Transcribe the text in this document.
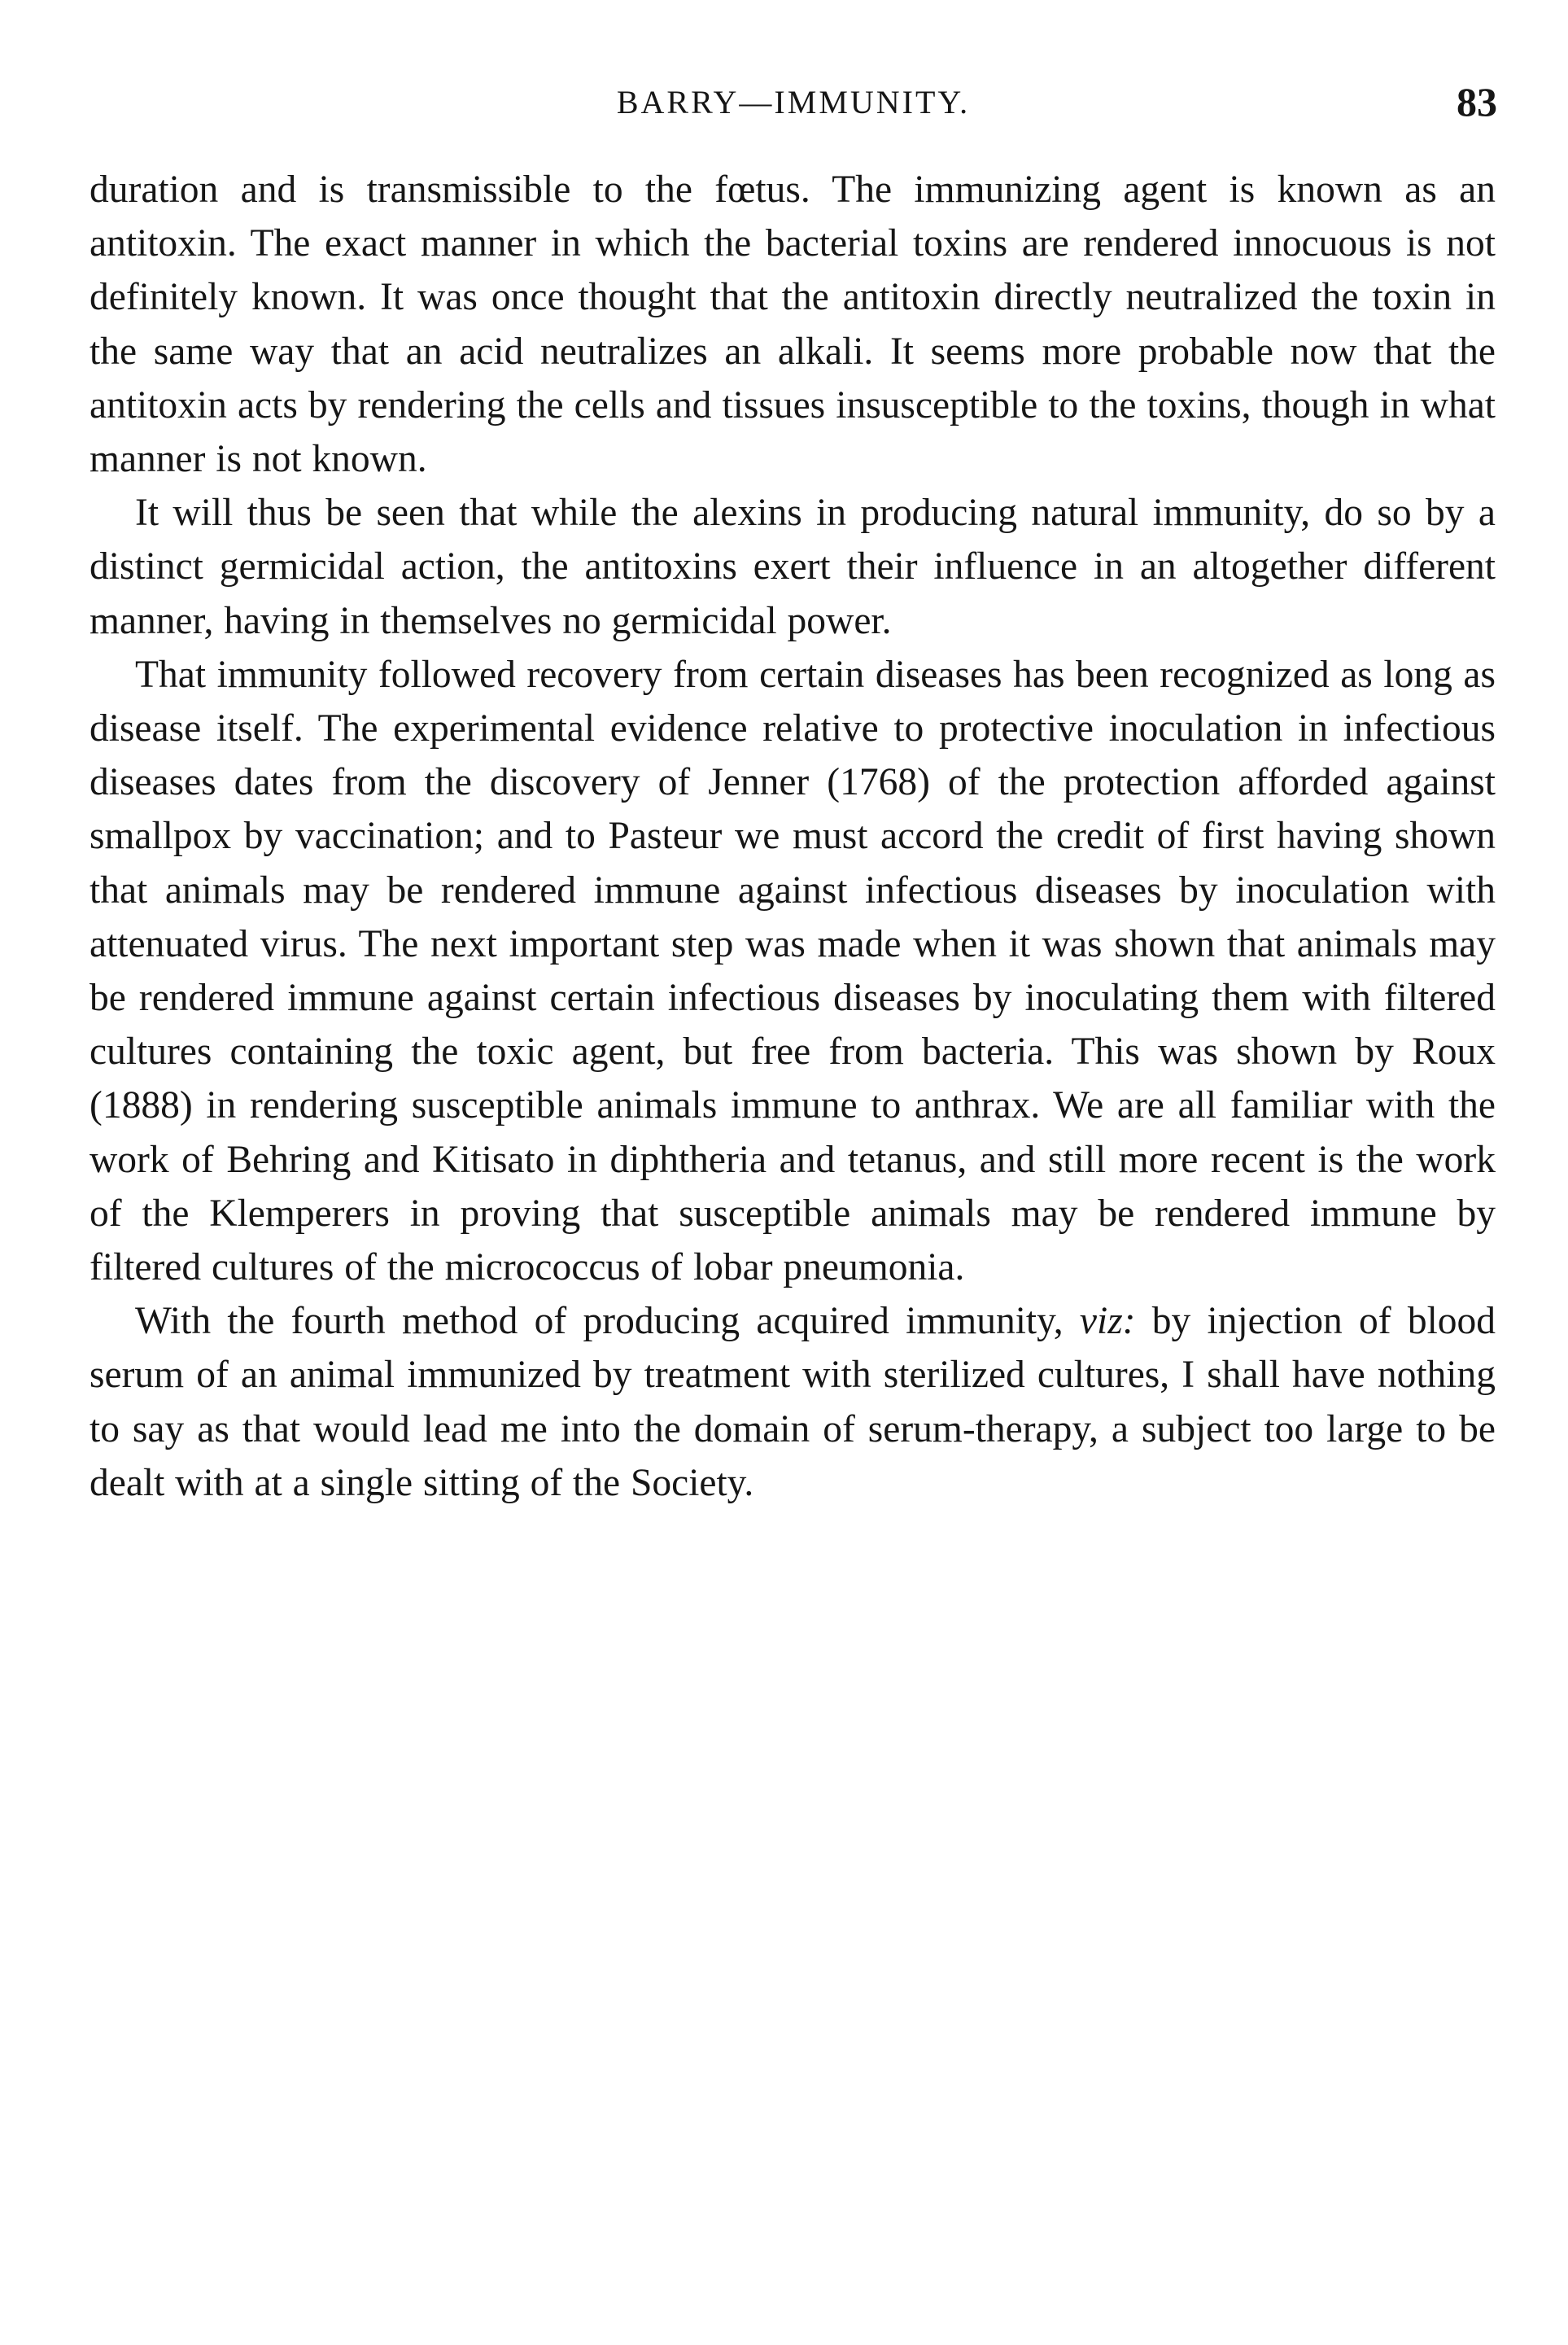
BARRY—IMMUNITY.	83

duration and is transmissible to the fœtus. The immunizing agent is known as an antitoxin. The exact manner in which the bacterial toxins are rendered innocuous is not definitely known. It was once thought that the antitoxin directly neutralized the toxin in the same way that an acid neutralizes an alkali. It seems more probable now that the antitoxin acts by rendering the cells and tissues insusceptible to the toxins, though in what manner is not known.

It will thus be seen that while the alexins in producing natural immunity, do so by a distinct germicidal action, the antitoxins exert their influence in an altogether different manner, having in themselves no germicidal power.

That immunity followed recovery from certain diseases has been recognized as long as disease itself. The experimental evidence relative to protective inoculation in infectious diseases dates from the discovery of Jenner (1768) of the protection afforded against smallpox by vaccination; and to Pasteur we must accord the credit of first having shown that animals may be rendered immune against infectious diseases by inoculation with attenuated virus. The next important step was made when it was shown that animals may be rendered immune against certain infectious diseases by inoculating them with filtered cultures containing the toxic agent, but free from bacteria. This was shown by Roux (1888) in rendering susceptible animals immune to anthrax. We are all familiar with the work of Behring and Kitisato in diphtheria and tetanus, and still more recent is the work of the Klemperers in proving that susceptible animals may be rendered immune by filtered cultures of the micrococcus of lobar pneumonia.

With the fourth method of producing acquired immunity, viz: by injection of blood serum of an animal immunized by treatment with sterilized cultures, I shall have nothing to say as that would lead me into the domain of serum-therapy, a subject too large to be dealt with at a single sitting of the Society.
